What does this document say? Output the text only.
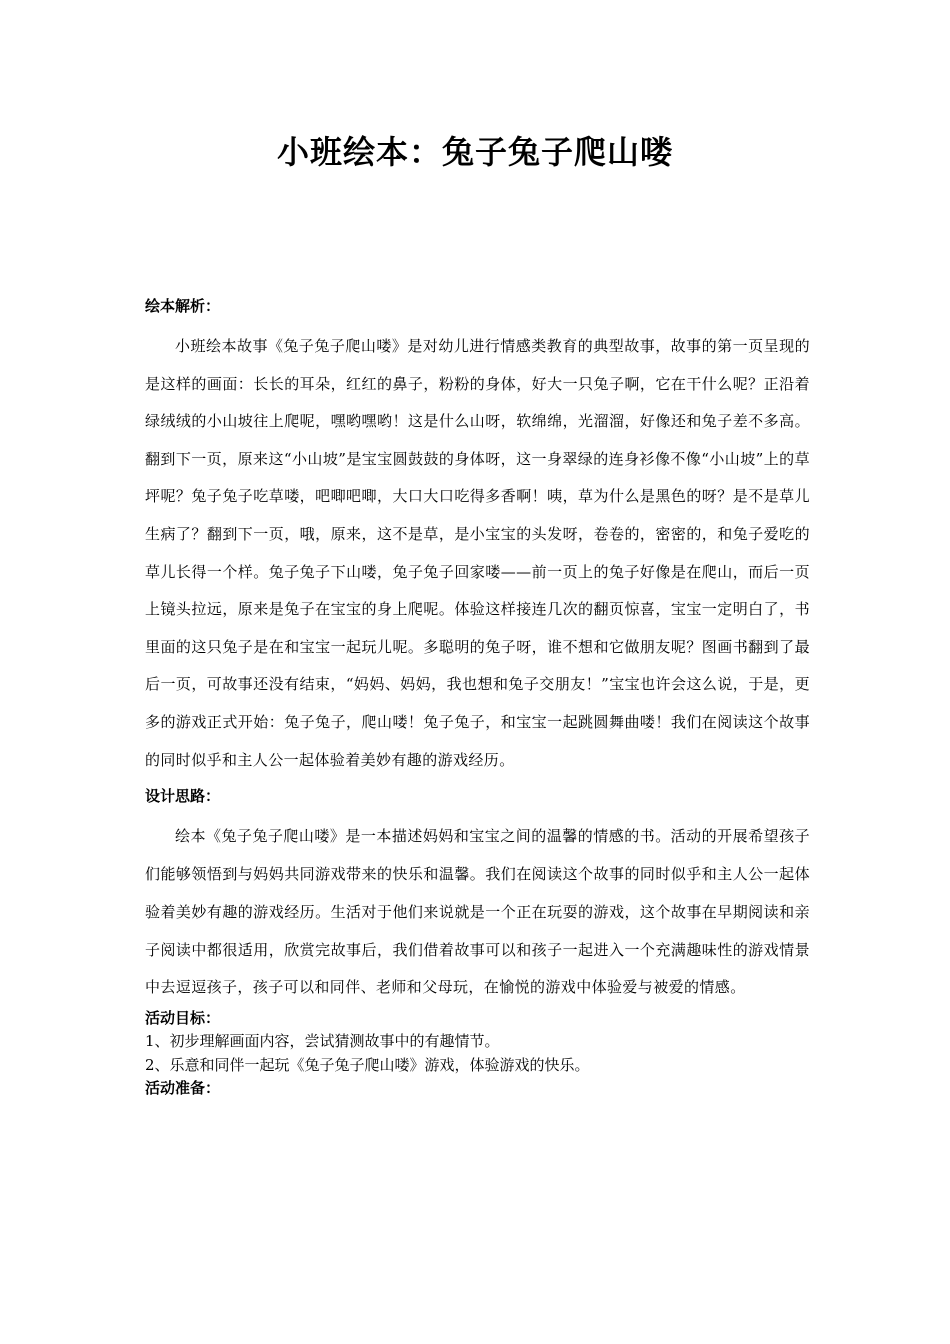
小班绘本：兔子兔子爬山喽

绘本解析：

小班绘本故事《兔子兔子爬山喽》是对幼儿进行情感类教育的典型故事，故事的第一页呈现的是这样的画面：长长的耳朵，红红的鼻子，粉粉的身体，好大一只兔子啊，它在干什么呢？正沿着绿绒绒的小山坡往上爬呢，嘿哟嘿哟！这是什么山呀，软绵绵，光溜溜，好像还和兔子差不多高。翻到下一页，原来这“小山坡”是宝宝圆鼓鼓的身体呀，这一身翠绿的连身衫像不像“小山坡”上的草坪呢？兔子兔子吃草喽，吧唧吧唧，大口大口吃得多香啊！咦，草为什么是黑色的呀？是不是草儿生病了？翻到下一页，哦，原来，这不是草，是小宝宝的头发呀，卷卷的，密密的，和兔子爱吃的草儿长得一个样。兔子兔子下山喽，兔子兔子回家喽——前一页上的兔子好像是在爬山，而后一页上镜头拉远，原来是兔子在宝宝的身上爬呢。体验这样接连几次的翻页惊喜，宝宝一定明白了，书里面的这只兔子是在和宝宝一起玩儿呢。多聪明的兔子呀，谁不想和它做朋友呢？图画书翻到了最后一页，可故事还没有结束，“妈妈、妈妈，我也想和兔子交朋友！”宝宝也许会这么说，于是，更多的游戏正式开始：兔子兔子，爬山喽！兔子兔子，和宝宝一起跳圆舞曲喽！我们在阅读这个故事的同时似乎和主人公一起体验着美妙有趣的游戏经历。

设计思路：

绘本《兔子兔子爬山喽》是一本描述妈妈和宝宝之间的温馨的情感的书。活动的开展希望孩子们能够领悟到与妈妈共同游戏带来的快乐和温馨。我们在阅读这个故事的同时似乎和主人公一起体验着美妙有趣的游戏经历。生活对于他们来说就是一个正在玩耍的游戏，这个故事在早期阅读和亲子阅读中都很适用，欣赏完故事后，我们借着故事可以和孩子一起进入一个充满趣味性的游戏情景中去逗逗孩子，孩子可以和同伴、老师和父母玩，在愉悦的游戏中体验爱与被爱的情感。

活动目标：

1、初步理解画面内容，尝试猜测故事中的有趣情节。
2、乐意和同伴一起玩《兔子兔子爬山喽》游戏，体验游戏的快乐。

活动准备：
